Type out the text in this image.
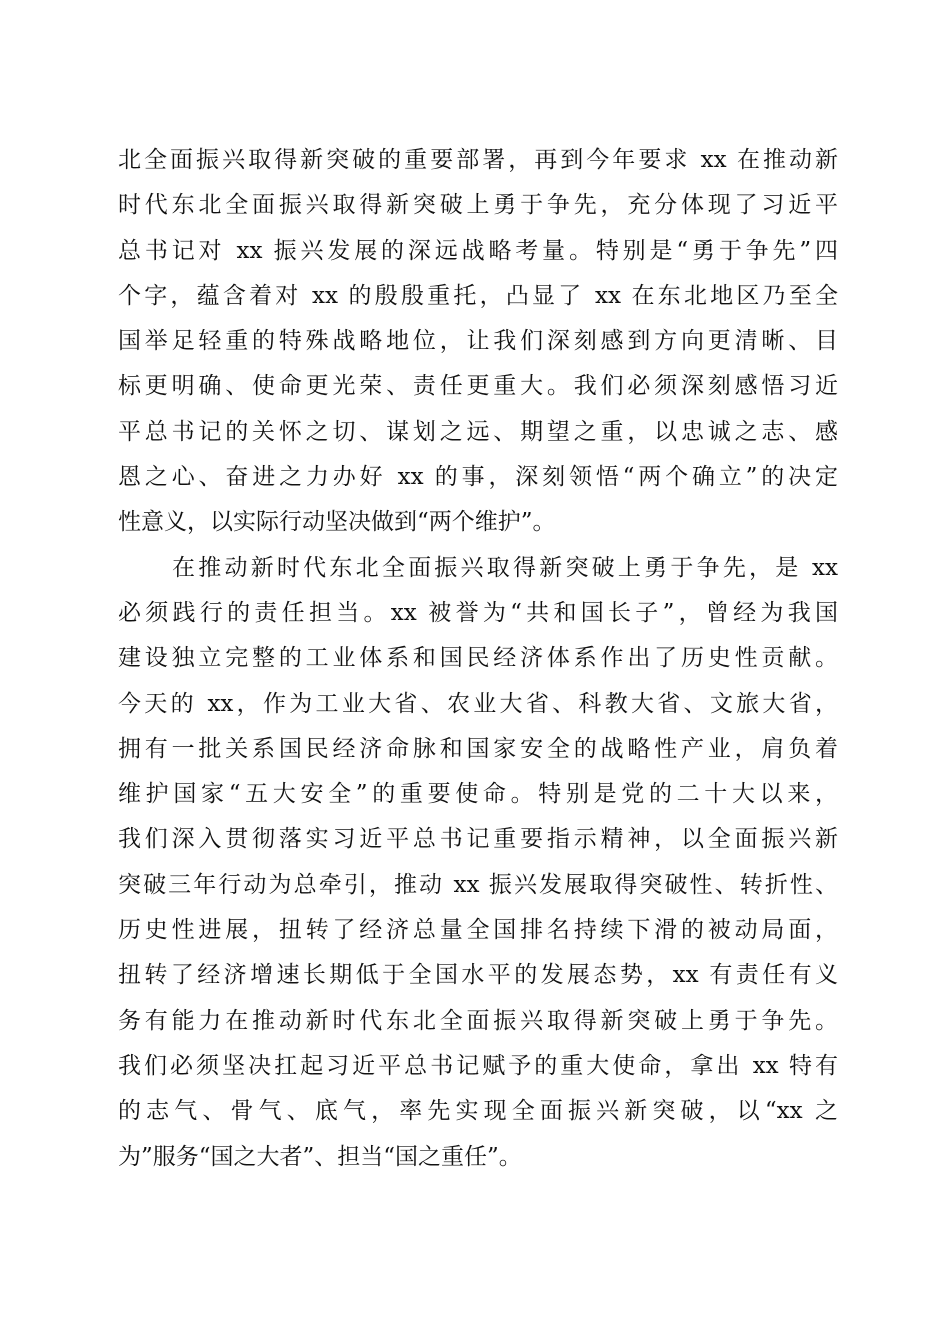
北全面振兴取得新突破的重要部署，再到今年要求 xx 在推动新
时代东北全面振兴取得新突破上勇于争先，充分体现了习近平
总书记对 xx 振兴发展的深远战略考量。特别是“勇于争先”四
个字，蕴含着对 xx 的殷殷重托，凸显了 xx 在东北地区乃至全
国举足轻重的特殊战略地位，让我们深刻感到方向更清晰、目
标更明确、使命更光荣、责任更重大。我们必须深刻感悟习近
平总书记的关怀之切、谋划之远、期望之重，以忠诚之志、感
恩之心、奋进之力办好 xx 的事，深刻领悟“两个确立”的决定
性意义，以实际行动坚决做到“两个维护”。
在推动新时代东北全面振兴取得新突破上勇于争先，是 xx
必须践行的责任担当。xx 被誉为“共和国长子”，曾经为我国
建设独立完整的工业体系和国民经济体系作出了历史性贡献。
今天的 xx，作为工业大省、农业大省、科教大省、文旅大省，
拥有一批关系国民经济命脉和国家安全的战略性产业，肩负着
维护国家“五大安全”的重要使命。特别是党的二十大以来，
我们深入贯彻落实习近平总书记重要指示精神，以全面振兴新
突破三年行动为总牵引，推动 xx 振兴发展取得突破性、转折性、
历史性进展，扭转了经济总量全国排名持续下滑的被动局面，
扭转了经济增速长期低于全国水平的发展态势，xx 有责任有义
务有能力在推动新时代东北全面振兴取得新突破上勇于争先。
我们必须坚决扛起习近平总书记赋予的重大使命，拿出 xx 特有
的志气、骨气、底气，率先实现全面振兴新突破，以“xx 之
为”服务“国之大者”、担当“国之重任”。
